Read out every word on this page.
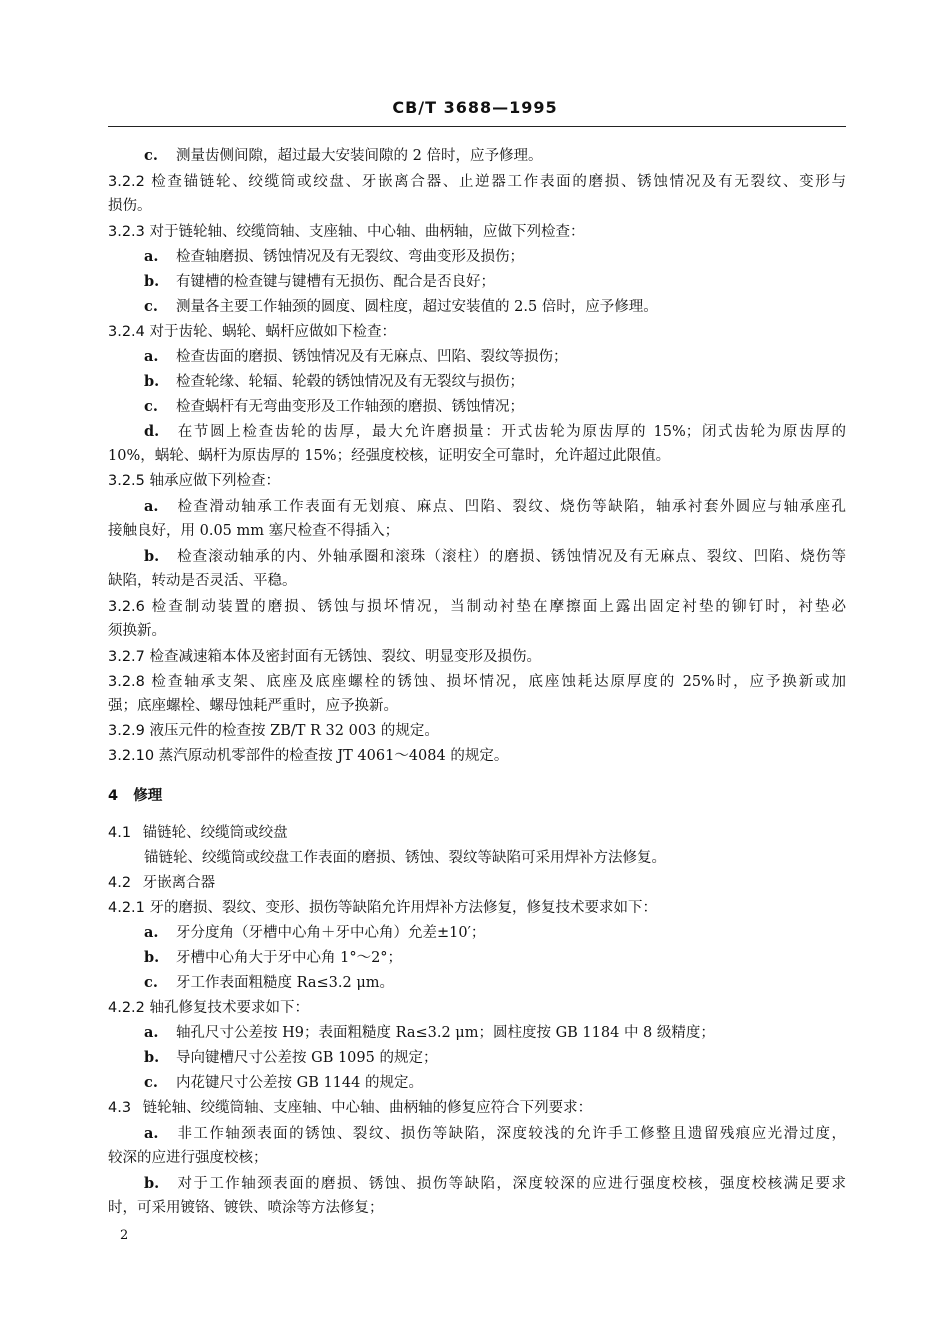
CB/T 3688—1995
c. 测量齿侧间隙，超过最大安装间隙的 2 倍时，应予修理。
3.2.2 检查锚链轮、绞缆筒或绞盘、牙嵌离合器、止逆器工作表面的磨损、锈蚀情况及有无裂纹、变形与
损伤。
3.2.3 对于链轮轴、绞缆筒轴、支座轴、中心轴、曲柄轴，应做下列检查：
a. 检查轴磨损、锈蚀情况及有无裂纹、弯曲变形及损伤；
b. 有键槽的检查键与键槽有无损伤、配合是否良好；
c. 测量各主要工作轴颈的圆度、圆柱度，超过安装值的 2.5 倍时，应予修理。
3.2.4 对于齿轮、蜗轮、蜗杆应做如下检查：
a. 检查齿面的磨损、锈蚀情况及有无麻点、凹陷、裂纹等损伤；
b. 检查轮缘、轮辐、轮毂的锈蚀情况及有无裂纹与损伤；
c. 检查蜗杆有无弯曲变形及工作轴颈的磨损、锈蚀情况；
d. 在节圆上检查齿轮的齿厚，最大允许磨损量：开式齿轮为原齿厚的 15%；闭式齿轮为原齿厚的
10%，蜗轮、蜗杆为原齿厚的 15%；经强度校核，证明安全可靠时，允许超过此限值。
3.2.5 轴承应做下列检查：
a. 检查滑动轴承工作表面有无划痕、麻点、凹陷、裂纹、烧伤等缺陷，轴承衬套外圆应与轴承座孔
接触良好，用 0.05 mm 塞尺检查不得插入；
b. 检查滚动轴承的内、外轴承圈和滚珠（滚柱）的磨损、锈蚀情况及有无麻点、裂纹、凹陷、烧伤等
缺陷，转动是否灵活、平稳。
3.2.6 检查制动装置的磨损、锈蚀与损坏情况，当制动衬垫在摩擦面上露出固定衬垫的铆钉时，衬垫必
须换新。
3.2.7 检查减速箱本体及密封面有无锈蚀、裂纹、明显变形及损伤。
3.2.8 检查轴承支架、底座及底座螺栓的锈蚀、损坏情况，底座蚀耗达原厚度的 25%时，应予换新或加
强；底座螺栓、螺母蚀耗严重时，应予换新。
3.2.9 液压元件的检查按 ZB/T R 32 003 的规定。
3.2.10 蒸汽原动机零部件的检查按 JT 4061～4084 的规定。
4 修理
4.1 锚链轮、绞缆筒或绞盘
锚链轮、绞缆筒或绞盘工作表面的磨损、锈蚀、裂纹等缺陷可采用焊补方法修复。
4.2 牙嵌离合器
4.2.1 牙的磨损、裂纹、变形、损伤等缺陷允许用焊补方法修复，修复技术要求如下：
a. 牙分度角（牙槽中心角＋牙中心角）允差±10′；
b. 牙槽中心角大于牙中心角 1°～2°；
c. 牙工作表面粗糙度 Ra≤3.2 μm。
4.2.2 轴孔修复技术要求如下：
a. 轴孔尺寸公差按 H9；表面粗糙度 Ra≤3.2 μm；圆柱度按 GB 1184 中 8 级精度；
b. 导向键槽尺寸公差按 GB 1095 的规定；
c. 内花键尺寸公差按 GB 1144 的规定。
4.3 链轮轴、绞缆筒轴、支座轴、中心轴、曲柄轴的修复应符合下列要求：
a. 非工作轴颈表面的锈蚀、裂纹、损伤等缺陷，深度较浅的允许手工修整且遗留残痕应光滑过度，
较深的应进行强度校核；
b. 对于工作轴颈表面的磨损、锈蚀、损伤等缺陷，深度较深的应进行强度校核，强度校核满足要求
时，可采用镀铬、镀铁、喷涂等方法修复；
2
